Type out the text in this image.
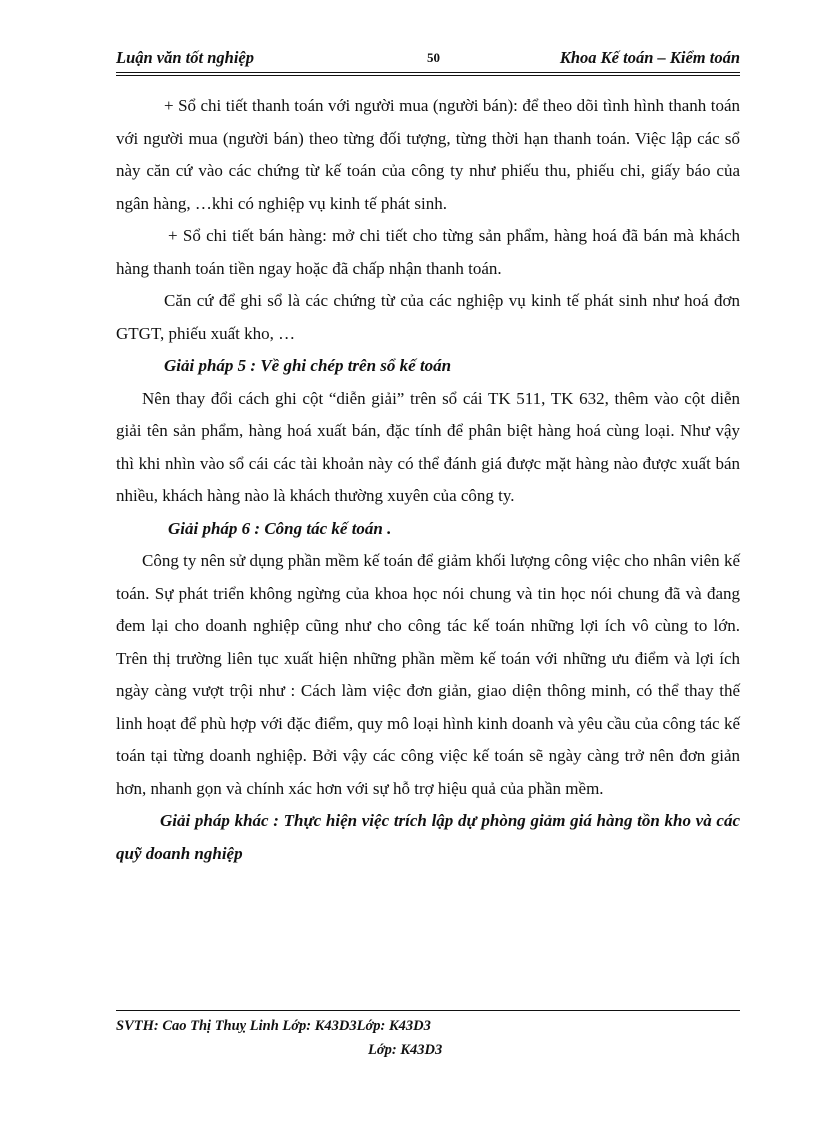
Luận văn tốt nghiệp	50	Khoa Kế toán – Kiểm toán

+ Sổ chi tiết thanh toán với người mua (người bán): để theo dõi tình hình thanh toán với người mua (người bán) theo từng đối tượng, từng thời hạn thanh toán. Việc lập các sổ này căn cứ vào các chứng từ kế toán của công ty như phiếu thu, phiếu chi, giấy báo của ngân hàng, …khi có nghiệp vụ kinh tế phát sinh.

+ Sổ chi tiết bán hàng: mở chi tiết cho từng sản phẩm, hàng hoá đã bán mà khách hàng thanh toán tiền ngay hoặc đã chấp nhận thanh toán.

Căn cứ để ghi sổ là các chứng từ của các nghiệp vụ kinh tế phát sinh như hoá đơn GTGT, phiếu xuất kho, …

Giải pháp 5 : Về ghi chép trên sổ kế toán

Nên thay đổi cách ghi cột “diễn giải” trên sổ cái TK 511, TK 632, thêm vào cột diễn giải tên sản phẩm, hàng hoá xuất bán, đặc tính để phân biệt hàng hoá cùng loại. Như vậy thì khi nhìn vào sổ cái các tài khoản này có thể đánh giá được mặt hàng nào được xuất bán nhiều, khách hàng nào là khách thường xuyên của công ty.

Giải pháp 6 : Công tác kế toán .

Công ty nên sử dụng phần mềm kế toán để giảm khối lượng công việc cho nhân viên kế toán. Sự phát triển không ngừng của khoa học nói chung và tin học nói chung đã và đang đem lại cho doanh nghiệp cũng như cho công tác kế toán những lợi ích vô cùng to lớn. Trên thị trường liên tục xuất hiện những phần mềm kế toán với những ưu điểm và lợi ích ngày càng vượt trội như : Cách làm việc đơn giản, giao diện thông minh, có thể thay thế linh hoạt để phù hợp với đặc điểm, quy mô loại hình kinh doanh và yêu cầu của công tác kế toán tại từng doanh nghiệp. Bởi vậy các công việc kế toán sẽ ngày càng trở nên đơn giản hơn, nhanh gọn và chính xác hơn với sự hỗ trợ hiệu quả của phần mềm.

Giải pháp khác : Thực hiện việc trích lập dự phòng giảm giá hàng tồn kho và các quỹ doanh nghiệp

SVTH: Cao Thị Thuỵ Linh Lớp: K43D3Lớp: K43D3
Lớp: K43D3
